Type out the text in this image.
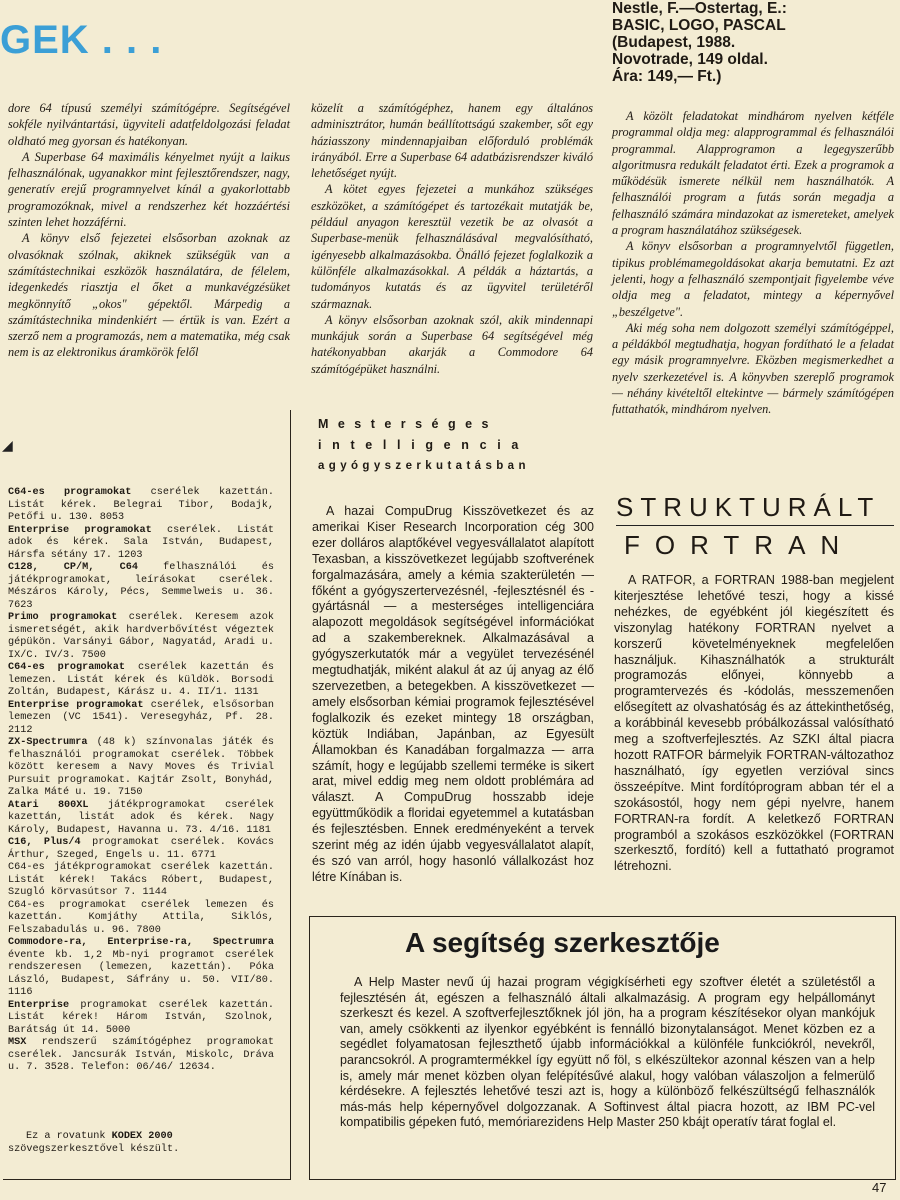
GEK . . .
Nestle, F.—Ostertag, E.:
BASIC, LOGO, PASCAL
(Budapest, 1988.
Novotrade, 149 oldal.
Ára: 149,— Ft.)

dore 64 típusú személyi számítógépre. Segítségével sokféle nyilvántartási, ügyviteli adatfeldolgozási feladat oldható meg gyorsan és hatékonyan.

A Superbase 64 maximális kényelmet nyújt a laikus felhasználónak, ugyanakkor mint fejlesztőrendszer, nagy, generatív erejű programnyelvet kínál a gyakorlottabb programozóknak, mivel a rendszerhez két hozzáértési szinten lehet hozzáférni.

A könyv első fejezetei elsősorban azoknak az olvasóknak szólnak, akiknek szükségük van a számítástechnikai eszközök használatára, de félelem, idegenkedés riasztja el őket a munkavégzésüket megkönnyítő „okos" gépektől. Márpedig a számítástechnika mindenkiért — értük is van. Ezért a szerző nem a programozás, nem a matematika, még csak nem is az elektronikus áramkörök felől

közelít a számítógéphez, hanem egy általános adminisztrátor, humán beállítottságú szakember, sőt egy háziasszony mindennapjaiban előforduló problémák irányából. Erre a Superbase 64 adatbázisrendszer kiváló lehetőséget nyújt.

A kötet egyes fejezetei a munkához szükséges eszközöket, a számítógépet és tartozékait mutatják be, például anyagon keresztül vezetik be az olvasót a Superbase-menük felhasználásával megvalósítható, igényesebb alkalmazásokba. Önálló fejezet foglalkozik a különféle alkalmazásokkal. A példák a háztartás, a tudományos kutatás és az ügyvitel területéről származnak.

A könyv elsősorban azoknak szól, akik mindennapi munkájuk során a Superbase 64 segítségével még hatékonyabban akarják a Commodore 64 számítógépüket használni.

A közölt feladatokat mindhárom nyelven kétféle programmal oldja meg: alapprogrammal és felhasználói programmal. Alapprogramon a legegyszerűbb algoritmusra redukált feladatot érti. Ezek a programok a működésük ismerete nélkül nem használhatók. A felhasználói program a futás során megadja a felhasználó számára mindazokat az ismereteket, amelyek a program használatához szükségesek.

A könyv elsősorban a programnyelvtől független, tipikus problémamegoldásokat akarja bemutatni. Ez azt jelenti, hogy a felhasználó szempontjait figyelembe véve oldja meg a feladatot, mintegy a képernyővel „beszélgetve".

Aki még soha nem dolgozott személyi számítógéppel, a példákból megtudhatja, hogyan fordítható le a feladat egy másik programnyelvre. Eközben megismerkedhet a nyelv szerkezetével is. A könyvben szereplő programok — néhány kivételtől eltekintve — bármely számítógépen futtathatók, mindhárom nyelven.

◢
C64-es programokat cserélek kazettán. Listát kérek. Belegrai Tibor, Bodajk, Petőfi u. 130. 8053
Enterprise programokat cserélek. Listát adok és kérek. Sala István, Budapest, Hársfa sétány 17. 1203
C128, CP/M, C64 felhasználói és játékprogramokat, leírásokat cserélek. Mészáros Károly, Pécs, Semmelweis u. 36. 7623
Primo programokat cserélek. Keresem azok ismeretségét, akik hardverbővítést végeztek gépükön. Varsányi Gábor, Nagyatád, Aradi u. IX/C. IV/3. 7500
C64-es programokat cserélek kazettán és lemezen. Listát kérek és küldök. Borsodi Zoltán, Budapest, Kárász u. 4. II/1. 1131
Enterprise programokat cserélek, elsősorban lemezen (VC 1541). Veresegyház, Pf. 28. 2112
ZX-Spectrumra (48 k) színvonalas játék és felhasználói programokat cserélek. Többek között keresem a Navy Moves és Trivial Pursuit programokat. Kajtár Zsolt, Bonyhád, Zalka Máté u. 19. 7150
Atari 800XL játékprogramokat cserélek kazettán, listát adok és kérek. Nagy Károly, Budapest, Havanna u. 73. 4/16. 1181
C16, Plus/4 programokat cserélek. Kovács Árthur, Szeged, Engels u. 11. 6771
C64-es játékprogramokat cserélek kazettán. Listát kérek! Takács Róbert, Budapest, Szugló körvasútsor 7. 1144
C64-es programokat cserélek lemezen és kazettán. Komjáthy Attila, Siklós, Felszabadulás u. 96. 7800
Commodore-ra, Enterprise-ra, Spectrumra évente kb. 1,2 Mb-nyi programot cserélek rendszeresen (lemezen, kazettán). Póka László, Budapest, Sáfrány u. 50. VII/80. 1116
Enterprise programokat cserélek kazettán. Listát kérek! Három István, Szolnok, Barátság út 14. 5000
MSX rendszerű számítógéphez programokat cserélek. Jancsurák István, Miskolc, Dráva u. 7. 3528. Telefon: 06/46/ 12634.
Ez a rovatunk KODEX 2000 szövegszerkesztővel készült.
M e s t e r s é g e s
i n t e l l i g e n c i a
a g y ó g y s z e r k u t a t á s b a n

A hazai CompuDrug Kisszövetkezet és az amerikai Kiser Research Incorporation cég 300 ezer dolláros alaptőkével vegyesvállalatot alapított Texasban, a kisszövetkezet legújabb szoftverének forgalmazására, amely a kémia szakterületén — főként a gyógyszertervezésnél, -fejlesztésnél és -gyártásnál — a mesterséges intelligenciára alapozott megoldások segítségével információkat ad a szakembereknek. Alkalmazásával a gyógyszerkutatók már a vegyület tervezésénél megtudhatják, miként alakul át az új anyag az élő szervezetben, a betegekben. A kisszövetkezet — amely elsősorban kémiai programok fejlesztésével foglalkozik és ezeket mintegy 18 országban, köztük Indiában, Japánban, az Egyesült Államokban és Kanadában forgalmazza — arra számít, hogy e legújabb szellemi terméke is sikert arat, mivel eddig meg nem oldott problémára ad választ. A CompuDrug hosszabb ideje együttműködik a floridai egyetemmel a kutatásban és fejlesztésben. Ennek eredményeként a tervek szerint még az idén újabb vegyesvállalatot alapít, és szó van arról, hogy hasonló vállalkozást hoz létre Kínában is.

STRUKTURÁLT
FORTRAN

A RATFOR, a FORTRAN 1988-ban megjelent kiterjesztése lehetővé teszi, hogy a kissé nehézkes, de egyébként jól kiegészített és viszonylag hatékony FORTRAN nyelvet a korszerű követelményeknek megfelelően használjuk. Kihasználhatók a strukturált programozás előnyei, könnyebb a programtervezés és -kódolás, messzemenően elősegített az olvashatóság és az áttekinthetőség, a korábbinál kevesebb próbálkozással valósítható meg a szoftverfejlesztés. Az SZKI által piacra hozott RATFOR bármelyik FORTRAN-változathoz használható, így egyetlen verzióval sincs összeépítve. Mint fordítóprogram abban tér el a szokásostól, hogy nem gépi nyelvre, hanem FORTRAN-ra fordít. A keletkező FORTRAN programból a szokásos eszközökkel (FORTRAN szerkesztő, fordító) kell a futtatható programot létrehozni.

A segítség szerkesztője

A Help Master nevű új hazai program végigkísérheti egy szoftver életét a születéstől a fejlesztésén át, egészen a felhasználó általi alkalmazásig. A program egy helpállományt szerkeszt és kezel. A szoftverfejlesztőknek jól jön, ha a program készítésekor olyan mankójuk van, amely csökkenti az ilyenkor egyébként is fennálló bizonytalanságot. Menet közben ez a segédlet folyamatosan fejleszthető újabb információkkal a különféle funkciókról, nevekről, parancsokról. A programtermékkel így együtt nő föl, s elkészültekor azonnal készen van a help is, amely már menet közben olyan felépítésűvé alakul, hogy valóban válaszoljon a felmerülő kérdésekre. A fejlesztés lehetővé teszi azt is, hogy a különböző felkészültségű felhasználók más-más help képernyővel dolgozzanak. A Softinvest által piacra hozott, az IBM PC-vel kompatibilis gépeken futó, memóriarezidens Help Master 250 kbájt operatív tárat foglal el.

47
